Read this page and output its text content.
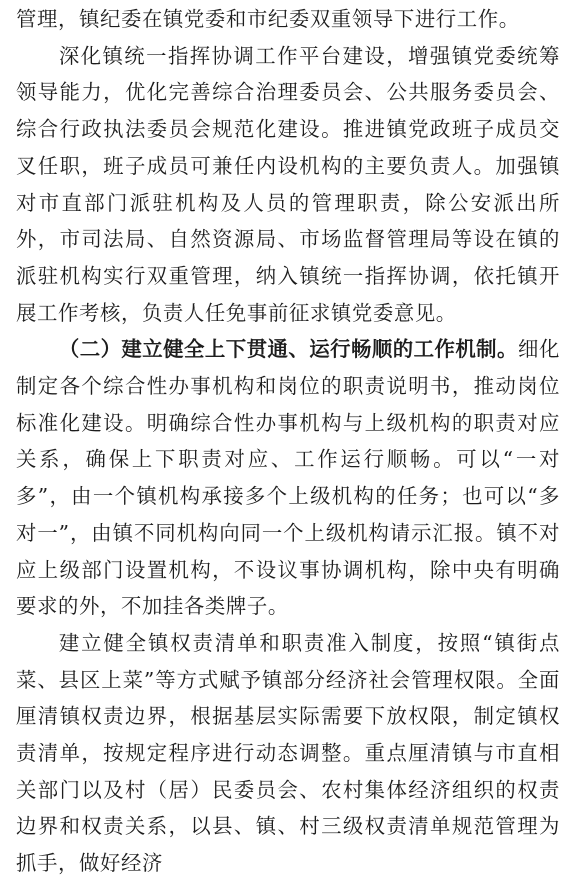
管理，镇纪委在镇党委和市纪委双重领导下进行工作。

深化镇统一指挥协调工作平台建设，增强镇党委统筹领导能力，优化完善综合治理委员会、公共服务委员会、综合行政执法委员会规范化建设。推进镇党政班子成员交叉任职，班子成员可兼任内设机构的主要负责人。加强镇对市直部门派驻机构及人员的管理职责，除公安派出所外，市司法局、自然资源局、市场监督管理局等设在镇的派驻机构实行双重管理，纳入镇统一指挥协调，依托镇开展工作考核，负责人任免事前征求镇党委意见。

（二）建立健全上下贯通、运行畅顺的工作机制。细化制定各个综合性办事机构和岗位的职责说明书，推动岗位标准化建设。明确综合性办事机构与上级机构的职责对应关系，确保上下职责对应、工作运行顺畅。可以“一对多”，由一个镇机构承接多个上级机构的任务；也可以“多对一”，由镇不同机构向同一个上级机构请示汇报。镇不对应上级部门设置机构，不设议事协调机构，除中央有明确要求的外，不加挂各类牌子。

建立健全镇权责清单和职责准入制度，按照“镇街点菜、县区上菜”等方式赋予镇部分经济社会管理权限。全面厘清镇权责边界，根据基层实际需要下放权限，制定镇权责清单，按规定程序进行动态调整。重点厘清镇与市直相关部门以及村（居）民委员会、农村集体经济组织的权责边界和权责关系，以县、镇、村三级权责清单规范管理为抓手，做好经济
